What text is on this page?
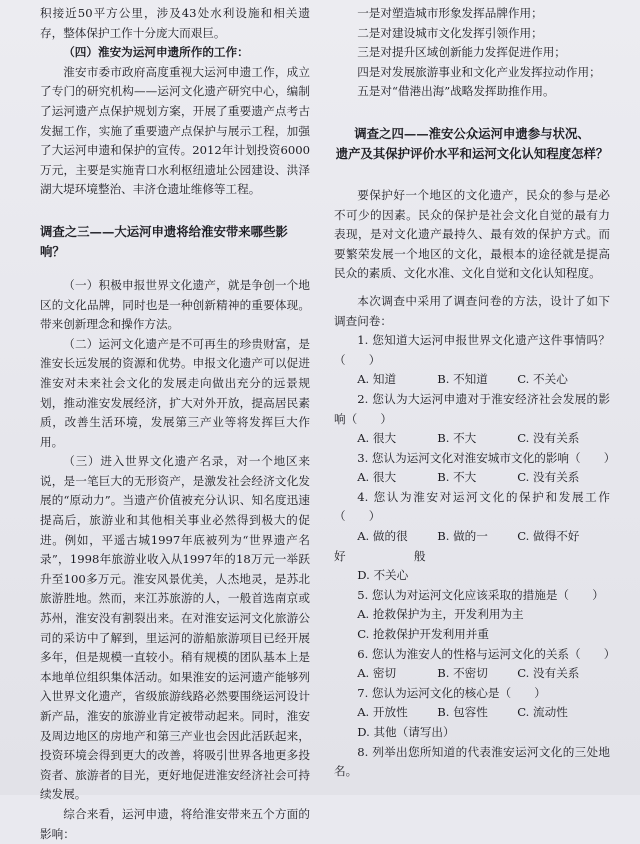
积接近50平方公里，涉及43处水利设施和相关遗存，整体保护工作十分庞大而艰巨。

（四）淮安为运河申遗所作的工作：

淮安市委市政府高度重视大运河申遗工作，成立了专门的研究机构——运河文化遗产研究中心，编制了运河遗产点保护规划方案，开展了重要遗产点考古发掘工作，实施了重要遗产点保护与展示工程，加强了大运河申遗和保护的宣传。2012年计划投资6000万元，主要是实施青口水利枢纽遗址公园建设、洪泽湖大堤环境整治、丰济仓遗址维修等工程。

调查之三——大运河申遗将给淮安带来哪些影响？

（一）积极申报世界文化遗产，就是争创一个地区的文化品牌，同时也是一种创新精神的重要体现。带来创新理念和操作方法。

（二）运河文化遗产是不可再生的珍贵财富，是淮安长远发展的资源和优势。申报文化遗产可以促进淮安对未来社会文化的发展走向做出充分的远景规划，推动淮安发展经济，扩大对外开放，提高居民素质，改善生活环境，发展第三产业等将发挥巨大作用。

（三）进入世界文化遗产名录，对一个地区来说，是一笔巨大的无形资产，是激发社会经济文化发展的“原动力”。当遗产价值被充分认识、知名度迅速提高后，旅游业和其他相关事业必然得到极大的促进。例如，平遥古城1997年底被列为“世界遗产名录”，1998年旅游业收入从1997年的18万元一举跃升至100多万元。淮安风景优美，人杰地灵，是苏北旅游胜地。然而，来江苏旅游的人，一般首选南京或苏州，淮安没有割裂出来。在对淮安运河文化旅游公司的采访中了解到，里运河的游船旅游项目已经开展多年，但是规模一直较小。稍有规模的团队基本上是本地单位组织集体活动。如果淮安的运河遗产能够列入世界文化遗产，省级旅游线路必然要围绕运河设计新产品，淮安的旅游业肯定被带动起来。同时，淮安及周边地区的房地产和第三产业也会因此活跃起来，投资环境会得到更大的改善，将吸引世界各地更多投资者、旅游者的目光，更好地促进淮安经济社会可持续发展。

综合来看，运河申遗，将给淮安带来五个方面的影响：

一是对塑造城市形象发挥品牌作用；

二是对建设城市文化发挥引领作用；

三是对提升区域创新能力发挥促进作用；

四是对发展旅游事业和文化产业发挥拉动作用；

五是对“借港出海”战略发挥助推作用。

调查之四——淮安公众运河申遗参与状况、

遗产及其保护评价水平和运河文化认知程度怎样？

要保护好一个地区的文化遗产，民众的参与是必不可少的因素。民众的保护是社会文化自觉的最有力表现，是对文化遗产最持久、最有效的保护方式。而要繁荣发展一个地区的文化，最根本的途径就是提高民众的素质、文化水准、文化自觉和文化认知程度。

本次调查中采用了调查问卷的方法，设计了如下调查问卷：

1. 您知道大运河申报世界文化遗产这件事情吗？（　　）

A. 知道	B. 不知道	C. 不关心

2. 您认为大运河申遗对于淮安经济社会发展的影响（　　）

A. 很大	B. 不大	C. 没有关系

3. 您认为运河文化对淮安城市文化的影响（　　）

A. 很大	B. 不大	C. 没有关系

4. 您认为淮安对运河文化的保护和发展工作（　　）

A. 做的很好
B. 做的一般
C. 做得不好

D. 不关心

5. 您认为对运河文化应该采取的措施是（　　）

A. 抢救保护为主，开发利用为主

C. 抢救保护开发利用并重

6. 您认为淮安人的性格与运河文化的关系（　　）

A. 密切	B. 不密切	C. 没有关系

7. 您认为运河文化的核心是（　　）

A. 开放性	B. 包容性	C. 流动性

D. 其他（请写出）

8. 列举出您所知道的代表淮安运河文化的三处地名。
